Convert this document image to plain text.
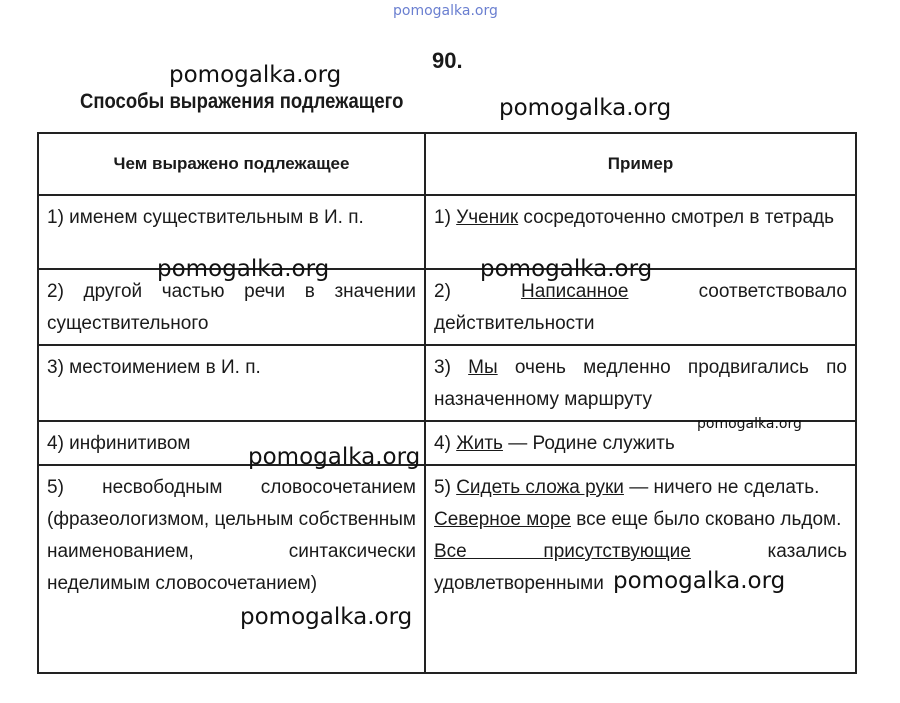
pomogalka.org
90.
pomogalka.org
Способы выражения подлежащего	pomogalka.org
Чем выражено подлежащее	Пример
1) именем существительным в И. п.	1) Ученик сосредоточенно смотрел в тетрадь
2) другой частью речи в значении существительного	2) Написанное соответствовало действительности
3) местоимением в И. п.	3) Мы очень медленно продвигались по назначенному маршруту
4) инфинитивом	4) Жить — Родине служить
5) несвободным словосочетанием (фразеологизмом, цельным собственным наименованием, синтаксически неделимым словосочетанием)	5) Сидеть сложа руки — ничего не сделать.
Северное море все еще было сковано льдом.
Все присутствующие казались удовлетворенными
pomogalka.org	pomogalka.org
pomogalka.org
pomogalka.org
pomogalka.org
pomogalka.org
